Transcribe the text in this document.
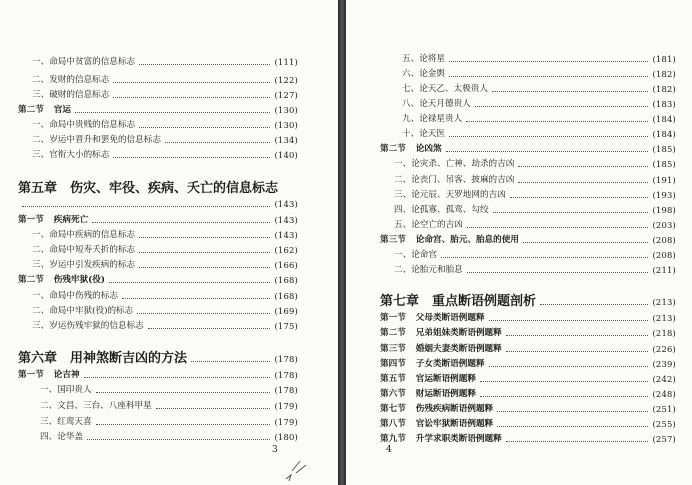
一、命局中贫富的信息标志	(111)
二、发财的信息标志	(122)
三、破财的信息标志	(127)
第二节 官运	(130)
一、命局中贵贱的信息标志	(130)
二、岁运中晋升和罢免的信息标志	(134)
三、官衔大小的标志	(140)
第五章　伤灾、牢役、疾病、夭亡的信息标志
(143)
第一节 疾病死亡	(143)
一、命局中疾病的信息标志	(143)
二、命局中短寿夭折的标志	(162)
三、岁运中引发疾病的标志	(166)
第二节 伤残牢狱(役)	(168)
一、命局中伤残的标志	(168)
二、命局中牢狱(役)的标志	(169)
三、岁运伤残牢狱的信息标志	(175)
第六章　用神煞断吉凶的方法	(178)
第一节 论吉神	(178)
一、国印贵人	(178)
二、文昌、三台、八座科甲星	(179)
三、红鸾天喜	(179)
四、论华盖	(180)
3
五、论将星	(181)
六、论金舆	(182)
七、论天乙、太极贵人	(182)
八、论天月德贵人	(183)
九、论禄星贵人	(184)
十、论天医	(184)
第二节 论凶煞	(185)
一、论灾杀、亡神、劫杀的吉凶	(185)
二、论丧门、吊客、披麻的吉凶	(191)
三、论元辰、天罗地网的吉凶	(193)
四、论孤寡、孤鸾、勾绞	(198)
五、论空亡的吉凶	(203)
第三节 论命宫、胎元、胎息的使用	(208)
一、论命宫	(208)
二、论胎元和胎息	(211)
第七章　重点断语例题剖析	(213)
第一节 父母类断语例题释	(213)
第二节 兄弟姐妹类断语例题释	(218)
第三节 婚姻夫妻类断语例题释	(226)
第四节 子女类断语例题释	(239)
第五节 官运断语例题释	(242)
第六节 财运断语例题释	(248)
第七节 伤残疾病断语例题释	(251)
第八节 官讼牢狱断语例题释	(255)
第九节 升学求职类断语例题释	(257)
4
